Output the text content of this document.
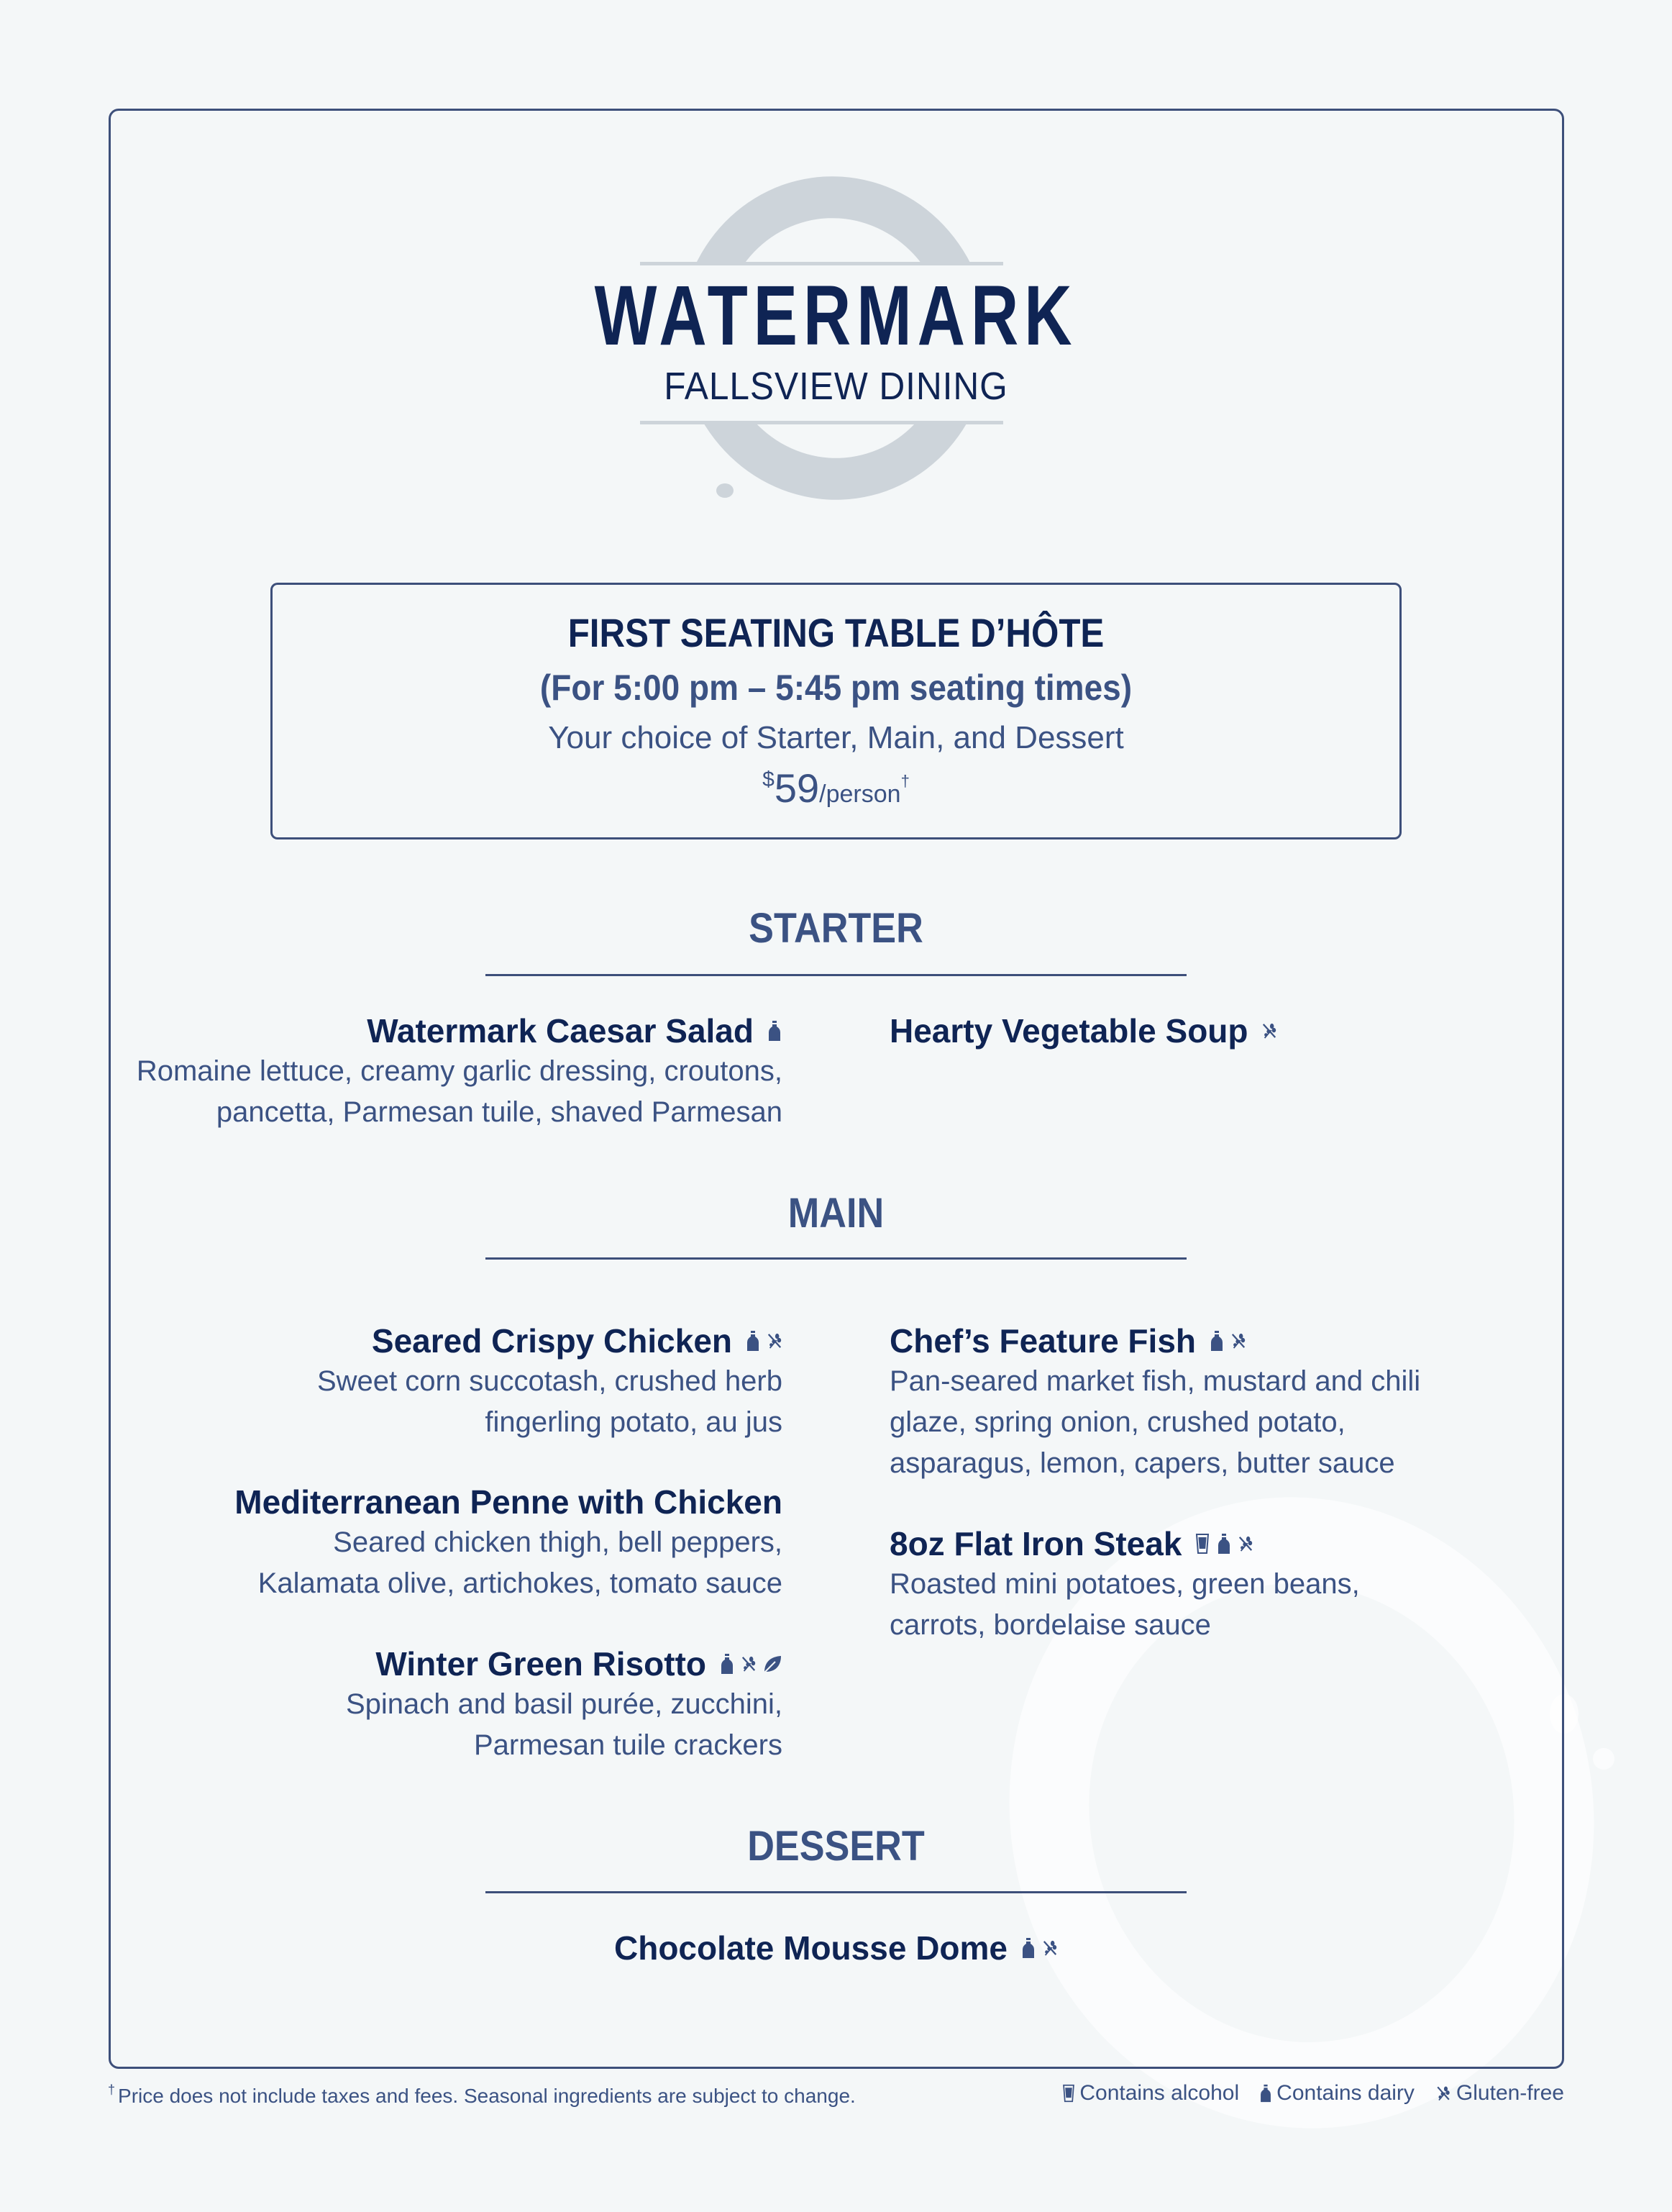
WATERMARK
FALLSVIEW DINING
FIRST SEATING TABLE D’HÔTE
(For 5:00 pm – 5:45 pm seating times)
Your choice of Starter, Main, and Dessert
$59/person†
STARTER
Watermark Caesar Salad
Romaine lettuce, creamy garlic dressing, croutons,
pancetta, Parmesan tuile, shaved Parmesan
Hearty Vegetable Soup
MAIN
Seared Crispy Chicken
Sweet corn succotash, crushed herb
fingerling potato, au jus
Mediterranean Penne with Chicken
Seared chicken thigh, bell peppers,
Kalamata olive, artichokes, tomato sauce
Winter Green Risotto
Spinach and basil purée, zucchini,
Parmesan tuile crackers
Chef’s Feature Fish
Pan-seared market fish, mustard and chili
glaze, spring onion, crushed potato,
asparagus, lemon, capers, butter sauce
8oz Flat Iron Steak
Roasted mini potatoes, green beans,
carrots, bordelaise sauce
DESSERT
Chocolate Mousse Dome
† Price does not include taxes and fees. Seasonal ingredients are subject to change.	Contains alcohol Contains dairy Gluten-free
